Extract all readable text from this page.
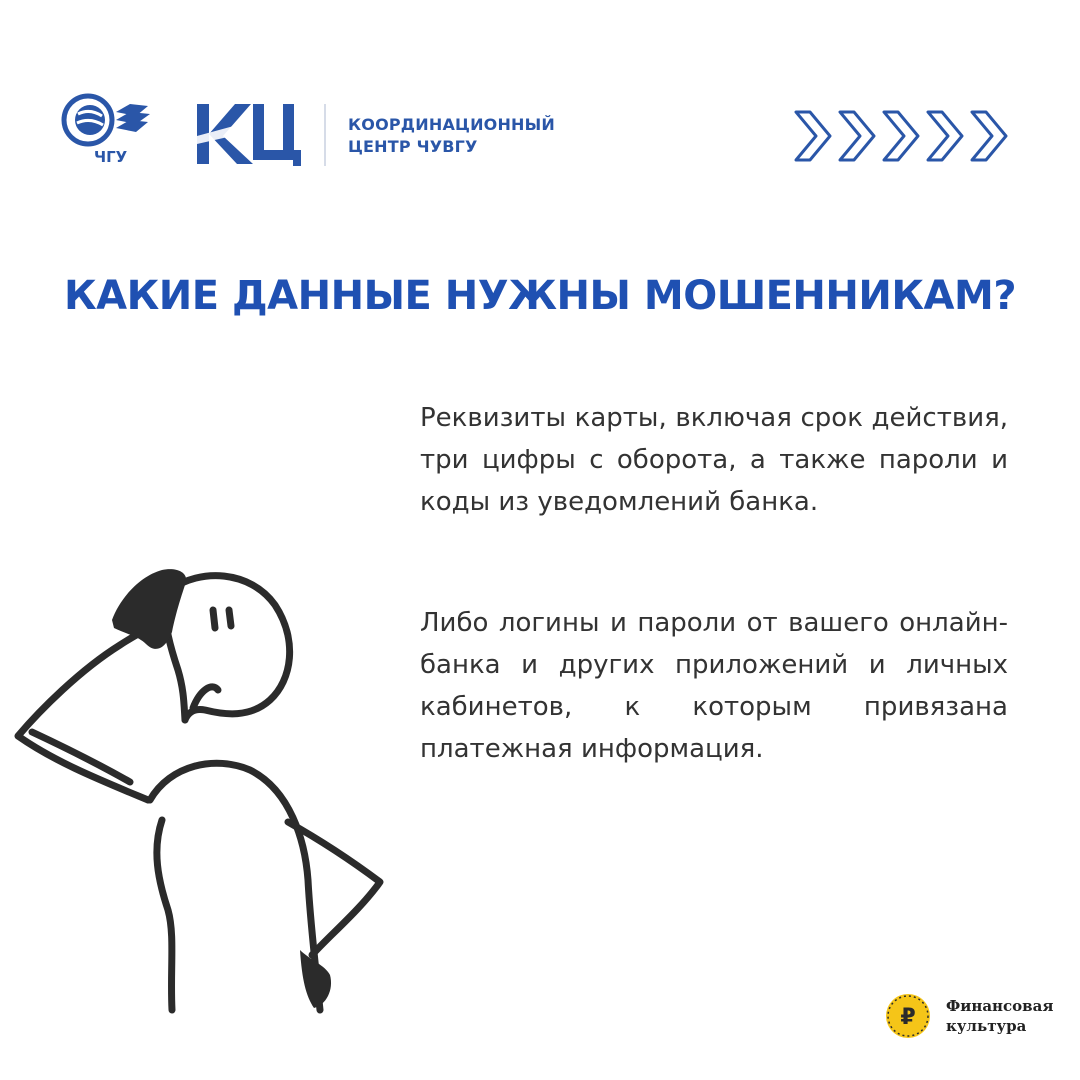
ЧГУ
КООРДИНАЦИОННЫЙ
ЦЕНТР ЧУВГУ
КАКИЕ ДАННЫЕ НУЖНЫ МОШЕННИКАМ?

Реквизиты карты, включая срок действия, три цифры с оборота, а также пароли и коды из уведомлений банка.

Либо логины и пароли от вашего онлайн-банка и других приложений и личных кабинетов, к которым привязана платежная информация.

₽ Финансовая
культура
